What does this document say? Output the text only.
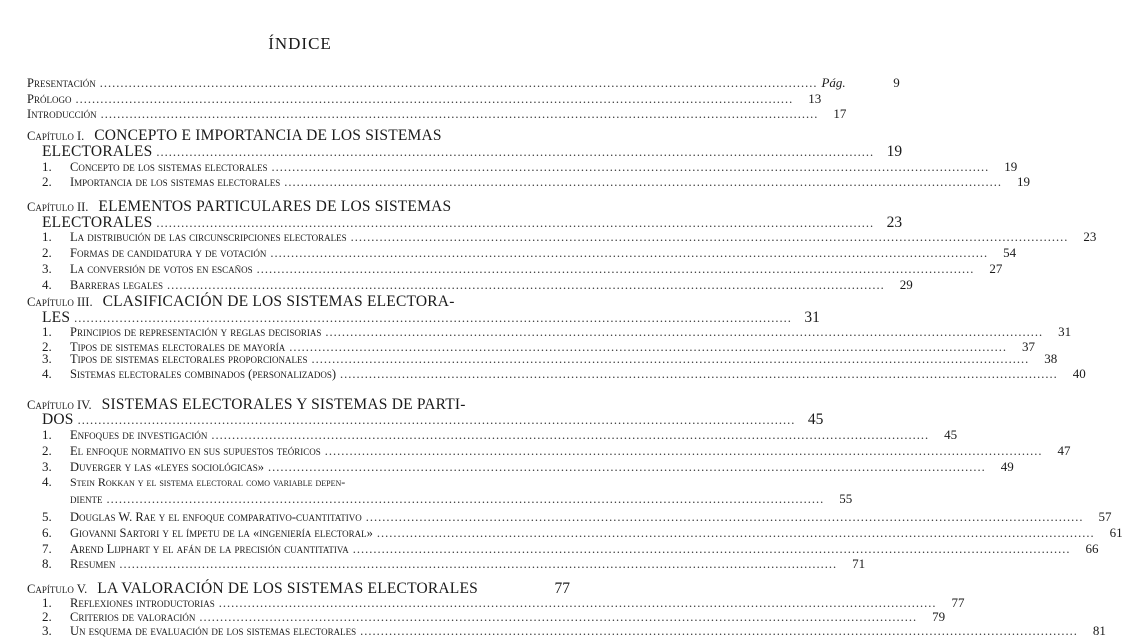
ÍNDICE
Presentación .....	Pág.	9
Prólogo .....	13
Introducción .....	17
Capítulo I. CONCEPTO E IMPORTANCIA DE LOS SISTEMAS
ELECTORALES .....	19
1.	Concepto de los sistemas electorales .....	19
2.	Importancia de los sistemas electorales .....	19
Capítulo II. ELEMENTOS PARTICULARES DE LOS SISTEMAS
ELECTORALES .....	23
1.	La distribución de las circunscripciones electorales .....	23
2.	Formas de candidatura y de votación .....	54
3.	La conversión de votos en escaños .....	27
4.	Barreras legales .....	29
Capítulo III. CLASIFICACIÓN DE LOS SISTEMAS ELECTORA-
LES .....	31
1.	Principios de representación y reglas decisorias .....	31
2.	Tipos de sistemas electorales de mayoría .....	37
3.	Tipos de sistemas electorales proporcionales .....	38
4.	Sistemas electorales combinados (personalizados) .....	40
Capítulo IV. SISTEMAS ELECTORALES Y SISTEMAS DE PARTI-
DOS .....	45
1.	Enfoques de investigación .....	45
2.	El enfoque normativo en sus supuestos teóricos .....	47
3.	Duverger y las «leyes sociológicas» .....	49
4.	Stein Rokkan y el sistema electoral como variable depen-
diente .....	55
5.	Douglas W. Rae y el enfoque comparativo-cuantitativo .....	57
6.	Giovanni Sartori y el ímpetu de la «ingeniería electoral» .....	61
7.	Arend Lijphart y el afán de la precisión cuantitativa .....	66
8.	Resumen .....	71
Capítulo V. LA VALORACIÓN DE LOS SISTEMAS ELECTORALES	77
1.	Reflexiones introductorias .....	77
2.	Criterios de valoración .....	79
3.	Un esquema de evaluación de los sistemas electorales .....	81
